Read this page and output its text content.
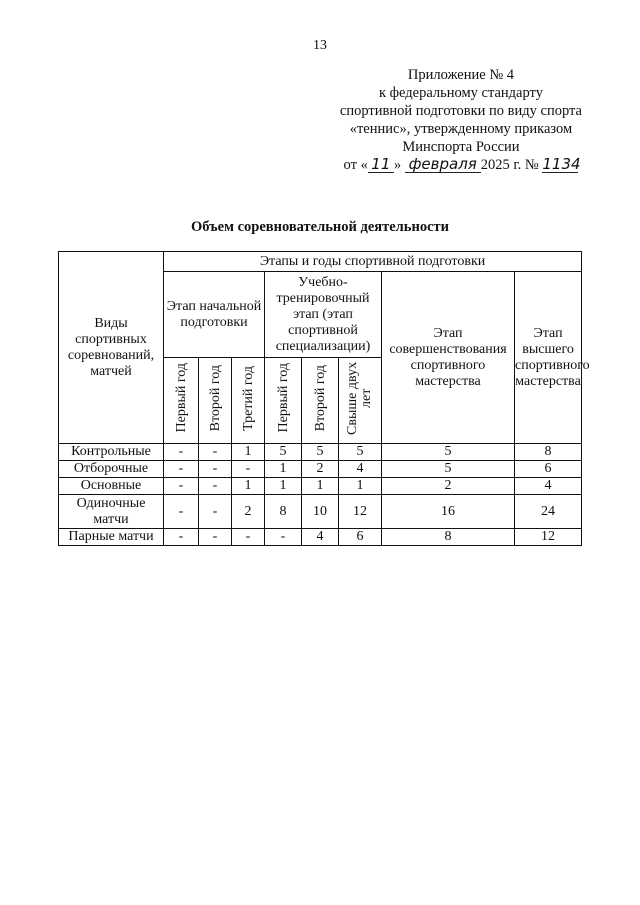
13
Приложение № 4
к федеральному стандарту
спортивной подготовки по виду спорта
«теннис», утвержденному приказом
Минспорта России
от « 11 » февраля 2025 г. № 1134
Объем соревновательной деятельности
Виды спортивных соревнований, матчей	Этапы и годы спортивной подготовки							
	Этап начальной подготовки			Учебно-тренировочный этап (этап спортивной специализации)			Этап совершенствования спортивного мастерства	Этап высшего спортивного мастерства
	Первый год	Второй год	Третий год	Первый год	Второй год	Свыше двух лет		
Контрольные	-	-	1	5	5	5	5	8
Отборочные	-	-	-	1	2	4	5	6
Основные	-	-	1	1	1	1	2	4
Одиночные матчи	-	-	2	8	10	12	16	24
Парные матчи	-	-	-	-	4	6	8	12
